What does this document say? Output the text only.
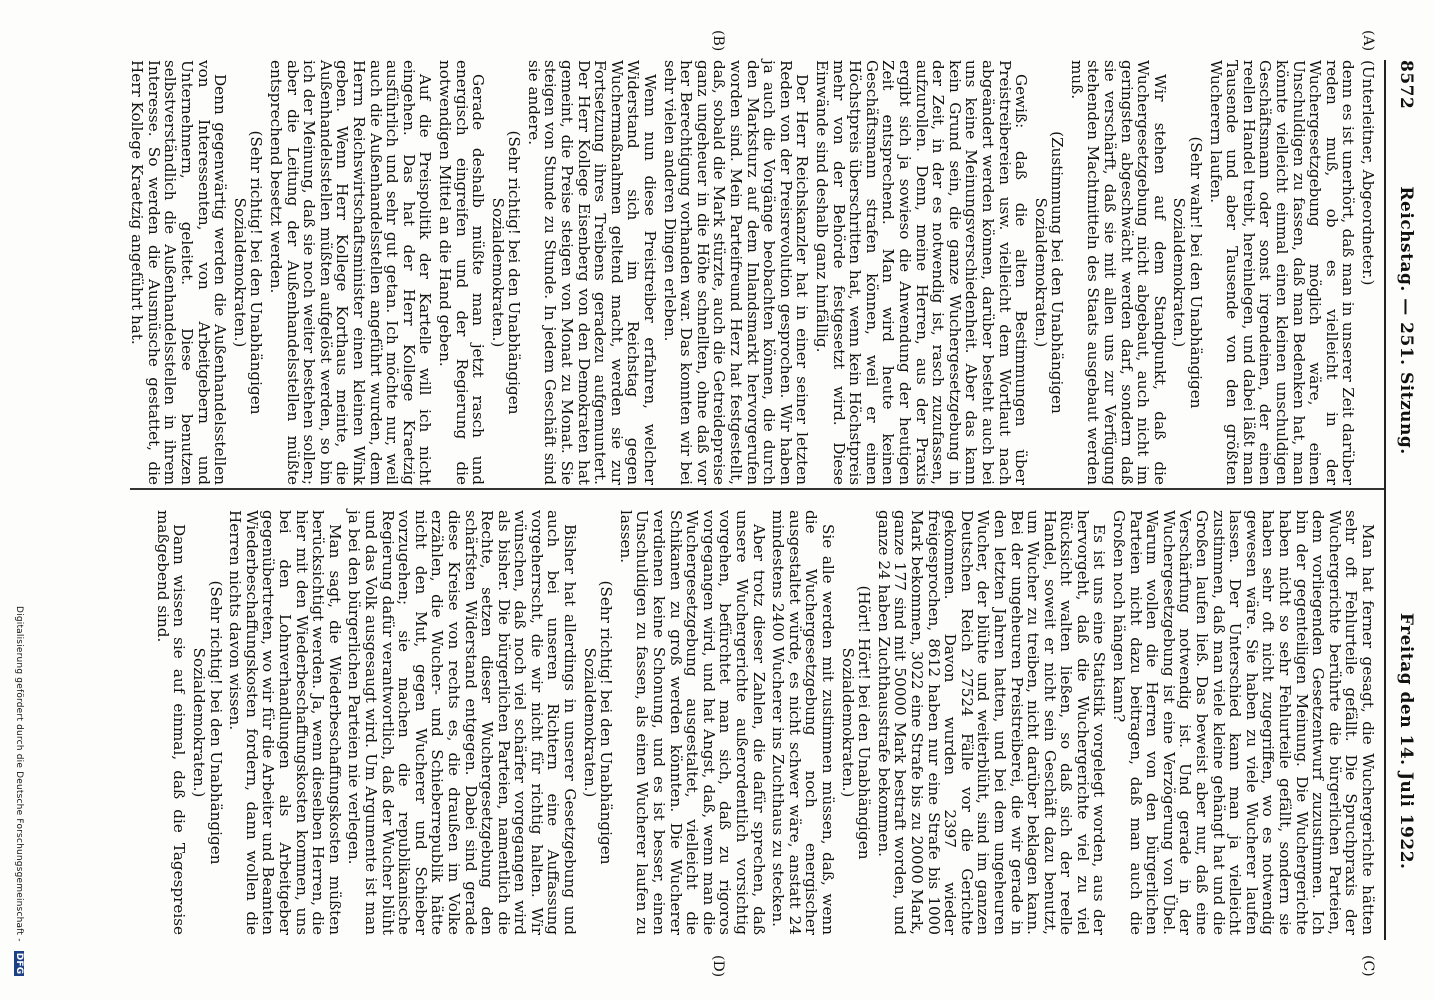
8572 Reichstag. — 251. Sitzung. Freitag den 14. Juli 1922.
(A)
(B)
(C)
(D)

(Unterleitner, Abgeordneter.)

denn es ist unerhört, daß man in unserer Zeit darüber reden muß, ob es vielleicht in der Wuchergesetzgebung möglich wäre, einen Unschuldigen zu fassen, daß man Bedenken hat, man könnte vielleicht einmal einen kleinen unschuldigen Geschäftsmann oder sonst irgendeinen, der einen reellen Handel treibt, hereinlegen, und dabei läßt man Tausende und aber Tausende von den größten Wucherern laufen.

(Sehr wahr! bei den Unabhängigen Sozialdemokraten.)

Wir stehen auf dem Standpunkt, daß die Wuchergesetzgebung nicht abgebaut, auch nicht im geringsten abgeschwächt werden darf, sondern daß sie verschärft, daß sie mit allen uns zur Verfügung stehenden Machtmitteln des Staats ausgebaut werden muß.

(Zustimmung bei den Unabhängigen Sozialdemokraten.)

Gewiß: daß die alten Bestimmungen über Preistreibereien usw. vielleicht dem Wortlaut nach abgeändert werden können, darüber besteht auch bei uns keine Meinungsverschiedenheit. Aber das kann kein Grund sein, die ganze Wuchergesetzgebung in der Zeit, in der es notwendig ist, rasch zuzufassen, aufzurollen. Denn, meine Herren, aus der Praxis ergibt sich ja sowieso die Anwendung der heutigen Zeit entsprechend. Man wird heute keinen Geschäftsmann strafen können, weil er einen Höchstpreis überschritten hat, wenn kein Höchstpreis mehr von der Behörde festgesetzt wird. Diese Einwände sind deshalb ganz hinfällig.

Der Herr Reichskanzler hat in einer seiner letzten Reden von der Preisrevolution gesprochen. Wir haben ja auch die Vorgänge beobachten können, die durch den Marksturz auf dem Inlandsmarkt hervorgerufen worden sind. Mein Parteifreund Herz hat festgestellt, daß, sobald die Mark stürzte, auch die Getreidepreise ganz ungeheuer in die Höhe schnellten, ohne daß vor her Berechtigung vorhanden war. Das konnten wir bei sehr vielen anderen Dingen erleben.

Wenn nun diese Preistreiber erfahren, welcher Widerstand sich im Reichstag gegen Wuchermaßnahmen geltend macht, werden sie zur Fortsetzung ihres Treibens geradezu aufgemuntert. Der Herr Kollege Eisenberg von den Demokraten hat gemeint, die Preise steigen von Monat zu Monat. Sie steigen von Stunde zu Stunde. In jedem Geschäft sind sie andere.

(Sehr richtig! bei den Unabhängigen Sozialdemokraten.)

Gerade deshalb müßte man jetzt rasch und energisch eingreifen und der Regierung die notwendigen Mittel an die Hand geben.

Auf die Preispolitik der Kartelle will ich nicht eingehen. Das hat der Herr Kollege Kraetzig ausführlich und sehr gut getan. Ich möchte nur, weil auch die Außenhandelsstellen angeführt wurden, dem Herrn Reichswirtschaftsminister einen kleinen Wink geben. Wenn Herr Kollege Korthaus meinte, die Außenhandelsstellen müßten aufgelöst werden, so bin ich der Meinung, daß sie noch weiter bestehen sollen; aber die Leitung der Außenhandelsstellen müßte entsprechend besetzt werden.

(Sehr richtig! bei den Unabhängigen Sozialdemokraten.)

Denn gegenwärtig werden die Außenhandelsstellen von Interessenten, von Arbeitgebern und Unternehmern, geleitet. Diese benutzen selbstverständlich die Außenhandelsstellen in ihrem Interesse. So werden die Ausmüsche gestattet, die Herr Kollege Kraetzig angeführt hat.

Man hat ferner gesagt, die Wuchergerichte hätten sehr oft Fehlurteile gefällt. Die Spruchpraxis der Wuchergerichte berührte die bürgerlichen Parteien, dem vorliegenden Gesetzentwurf zuzustimmen. Ich bin der gegenteiligen Meinung. Die Wuchergerichte haben nicht so sehr Fehlurteile gefällt, sondern sie haben sehr oft nicht zugegriffen, wo es notwendig gewesen wäre. Sie haben zu viele Wucherer laufen lassen. Der Unterschied kann man ja vielleicht zustimmen, daß man viele kleine gehängt hat und die Großen laufen ließ. Das beweist aber nur, daß eine Verschärfung notwendig ist. Und gerade in der Wuchergesetzgebung ist eine Verzögerung von Übel. Warum wollen die Herren von den bürgerlichen Parteien nicht dazu beitragen, daß man auch die Großen noch hängen kann?

Es ist uns eine Statistik vorgelegt worden, aus der hervorgeht, daß die Wuchergerichte viel zu viel Rücksicht walten ließen, so daß sich der reelle Handel, soweit er nicht sein Geschäft dazu benutzt, um Wucher zu treiben, nicht darüber beklagen kann. Bei der ungeheuren Preistreiberei, die wir gerade in den letzten Jahren hatten, und bei dem ungeheuren Wucher, der blühte und weiterblüht, sind im ganzen Deutschen Reich 27524 Fälle vor die Gerichte gekommen. Davon wurden 2397 wieder freigesprochen, 8612 haben nur eine Strafe bis 1000 Mark bekommen, 3022 eine Strafe bis zu 20000 Mark, ganze 177 sind mit 50000 Mark bestraft worden, und ganze 24 haben Zuchthausstrafe bekommen.

(Hört! Hört! bei den Unabhängigen Sozialdemokraten.)

Sie alle werden mit zustimmen müssen, daß, wenn die Wuchergesetzgebung noch energischer ausgestaltet würde, es nicht schwer wäre, anstatt 24 mindestens 2400 Wucherer ins Zuchthaus zu stecken.

Aber trotz dieser Zahlen, die dafür sprechen, daß unsere Wuchergerichte außerordentlich vorsichtig vorgehen, befürchtet man sich, daß zu rigoros vorgegangen wird, und hat Angst, daß, wenn man die Wuchergesetzgebung ausgestaltet, vielleicht die Schikanen zu groß werden könnten. Die Wucherer verdienen keine Schonung, und es ist besser, einen Unschuldigen zu fassen, als einen Wucherer laufen zu lassen.

(Sehr richtig! bei den Unabhängigen Sozialdemokraten.)

Bisher hat allerdings in unserer Gesetzgebung und auch bei unseren Richtern eine Auffassung vorgeherrscht, die wir nicht für richtig halten. Wir wünschen, daß noch viel schärfer vorgegangen wird als bisher. Die bürgerlichen Parteien, namentlich die Rechte, setzen dieser Wuchergesetzgebung den schärfsten Widerstand entgegen. Dabei sind gerade diese Kreise von rechts es, die draußen im Volke erzählen, die Wucher- und Schieberrepublik hätte nicht den Mut, gegen Wucherer und Schieber vorzugehen; sie machen die republikanische Regierung dafür verantwortlich, daß der Wucher blüht und das Volk ausgesaugt wird. Um Argumente ist man ja bei den bürgerlichen Parteien nie verlegen.

Man sagt, die Wiederbeschaffungskosten müßten berücksichtigt werden. Ja, wenn dieselben Herren, die hier mit den Wiederbeschaffungskosten kommen, uns bei den Lohnverhandlungen als Arbeitgeber gegenübertreten, wo wir für die Arbeiter und Beamten Wiederbeschaffungskosten fordern, dann wollen die Herren nichts davon wissen.

(Sehr richtig! bei den Unabhängigen Sozialdemokraten.)

Dann wissen sie auf einmal, daß die Tagespreise maßgebend sind.

Digitalisierung gefördert durch die Deutsche Forschungsgemeinschaft - DFG
